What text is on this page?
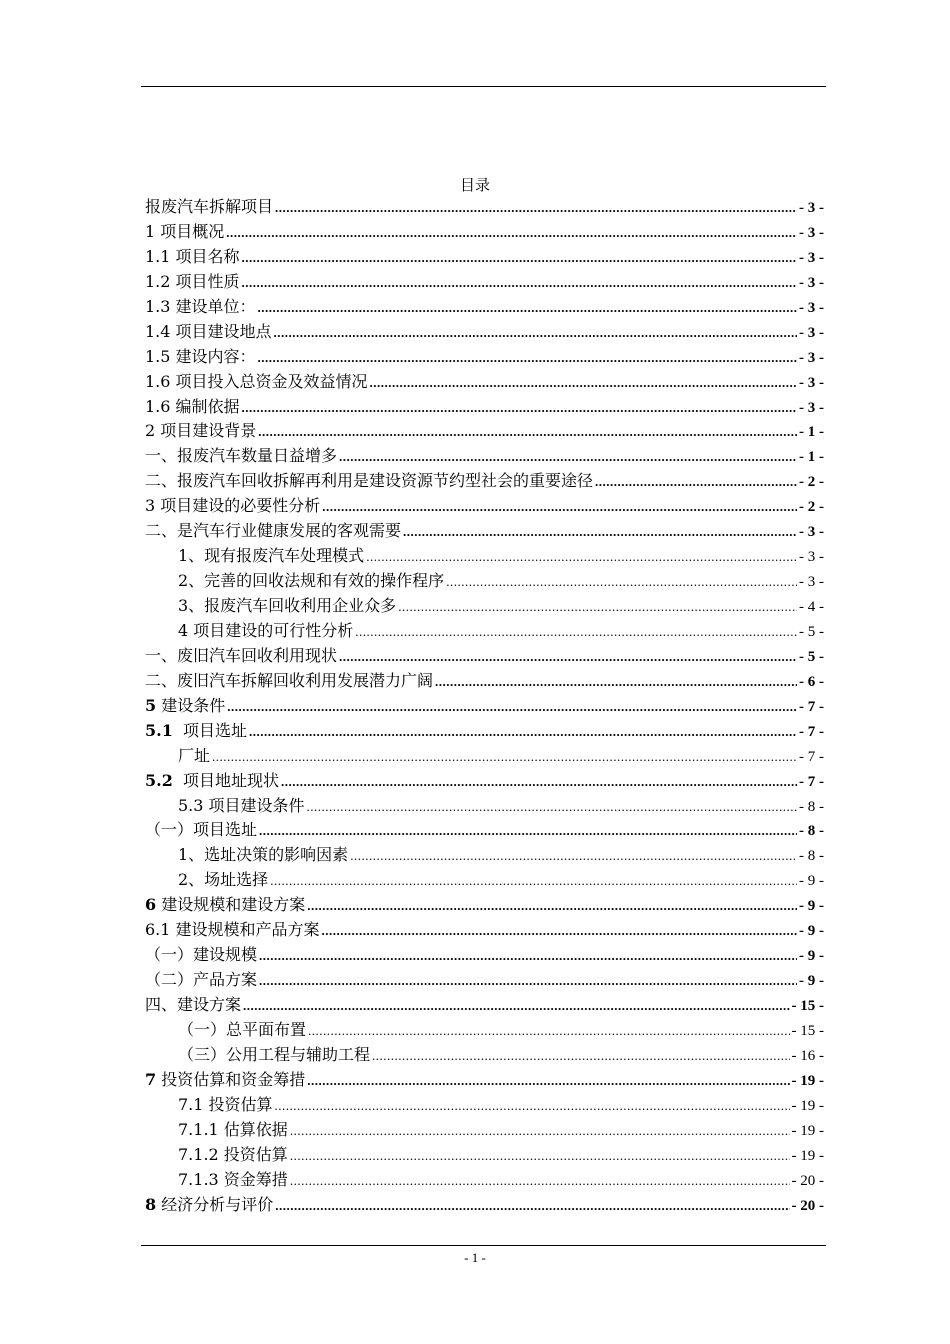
目录
报废汽车拆解项目 .....	- 3 -
1 项目概况 .....	- 3 -
1.1 项目名称 .....	- 3 -
1.2 项目性质 .....	- 3 -
1.3 建设单位： .....	- 3 -
1.4 项目建设地点 .....	- 3 -
1.5 建设内容： .....	- 3 -
1.6 项目投入总资金及效益情况 .....	- 3 -
1.6 编制依据 .....	- 3 -
2 项目建设背景 .....	- 1 -
一、报废汽车数量日益增多 .....	- 1 -
二、报废汽车回收拆解再利用是建设资源节约型社会的重要途径 .....	- 2 -
3 项目建设的必要性分析 .....	- 2 -
二、是汽车行业健康发展的客观需要 .....	- 3 -
1、现有报废汽车处理模式 .....	- 3 -
2、完善的回收法规和有效的操作程序 .....	- 3 -
3、报废汽车回收利用企业众多 .....	- 4 -
4 项目建设的可行性分析 .....	- 5 -
一、废旧汽车回收利用现状 .....	- 5 -
二、废旧汽车拆解回收利用发展潜力广阔 .....	- 6 -
5 建设条件 .....	- 7 -
5.1  项目选址 .....	- 7 -
厂址 .....	- 7 -
5.2  项目地址现状 .....	- 7 -
5.3 项目建设条件 .....	- 8 -
（一）项目选址 .....	- 8 -
1、选址决策的影响因素 .....	- 8 -
2、场址选择 .....	- 9 -
6 建设规模和建设方案 .....	- 9 -
6.1 建设规模和产品方案 .....	- 9 -
（一）建设规模 .....	- 9 -
（二）产品方案 .....	- 9 -
四、建设方案 .....	- 15 -
（一）总平面布置 .....	- 15 -
（三）公用工程与辅助工程 .....	- 16 -
7 投资估算和资金筹措 .....	- 19 -
7.1 投资估算 .....	- 19 -
7.1.1 估算依据 .....	- 19 -
7.1.2 投资估算 .....	- 19 -
7.1.3 资金筹措 .....	- 20 -
8 经济分析与评价 .....	- 20 -
- 1 -
